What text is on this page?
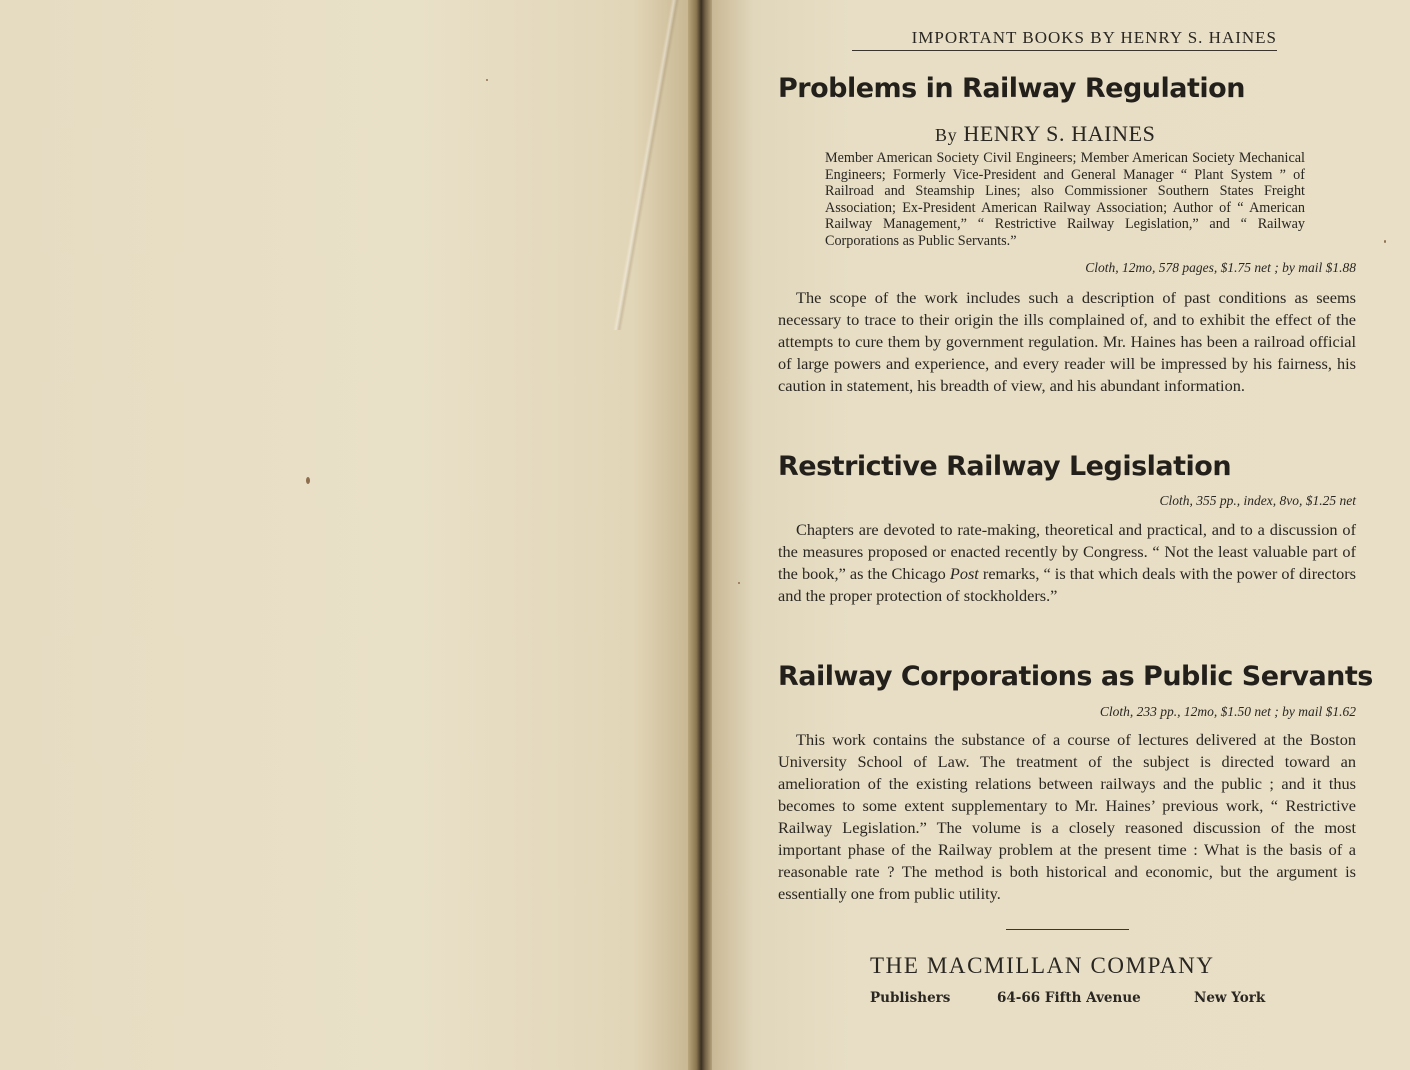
IMPORTANT BOOKS BY HENRY S. HAINES
Problems in Railway Regulation
By HENRY S. HAINES
Member American Society Civil Engineers; Member American Society Mechanical Engineers; Formerly Vice-President and General Manager “ Plant System ” of Railroad and Steamship Lines; also Commissioner Southern States Freight Association; Ex-President American Railway Association; Author of “ American Railway Management,” “ Restrictive Railway Legislation,” and “ Railway Corporations as Public Servants.”
Cloth, 12mo, 578 pages, $1.75 net ; by mail $1.88
The scope of the work includes such a description of past conditions as seems necessary to trace to their origin the ills complained of, and to exhibit the effect of the attempts to cure them by government regulation. Mr. Haines has been a railroad official of large powers and experience, and every reader will be impressed by his fairness, his caution in statement, his breadth of view, and his abundant information.
Restrictive Railway Legislation
Cloth, 355 pp., index, 8vo, $1.25 net
Chapters are devoted to rate-making, theoretical and practical, and to a discussion of the measures proposed or enacted recently by Congress. “ Not the least valuable part of the book,” as the Chicago Post remarks, “ is that which deals with the power of directors and the proper protection of stockholders.”
Railway Corporations as Public Servants
Cloth, 233 pp., 12mo, $1.50 net ; by mail $1.62
This work contains the substance of a course of lectures delivered at the Boston University School of Law. The treatment of the subject is directed toward an amelioration of the existing relations between railways and the public ; and it thus becomes to some extent supplementary to Mr. Haines’ previous work, “ Restrictive Railway Legislation.” The volume is a closely reasoned discussion of the most important phase of the Railway problem at the present time : What is the basis of a reasonable rate ? The method is both historical and economic, but the argument is essentially one from public utility.
THE MACMILLAN COMPANY
Publishers	64-66 Fifth Avenue	New York
